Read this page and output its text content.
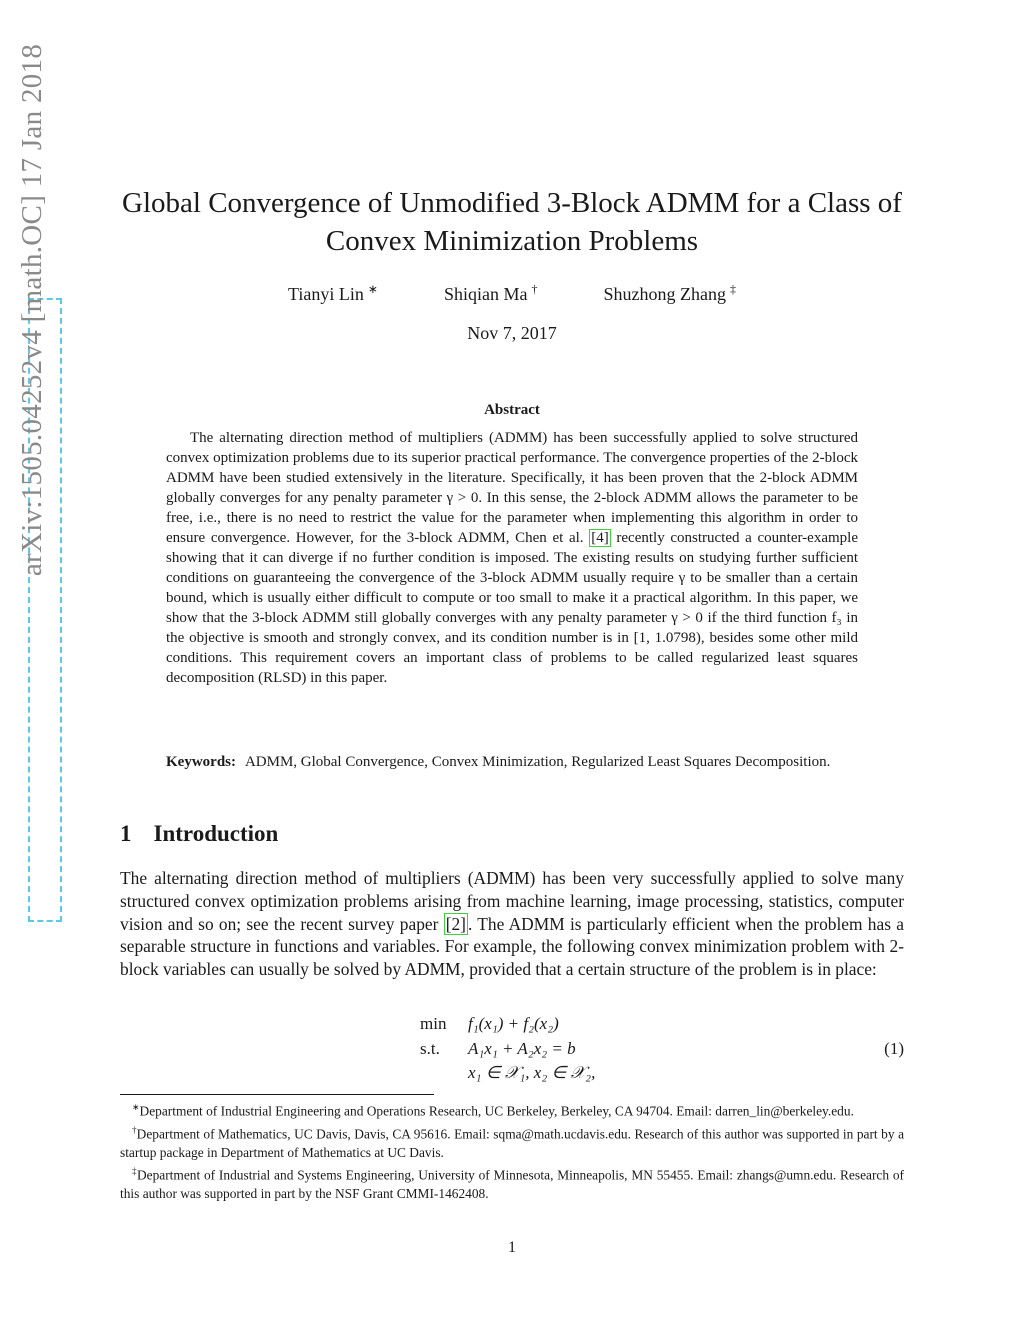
arXiv:1505.04252v4 [math.OC] 17 Jan 2018	Global Convergence of Unmodified 3-Block ADMM for a Class of
Convex Minimization Problems
Tianyi Lin ∗	Shiqian Ma †	Shuzhong Zhang ‡
Nov 7, 2017
Abstract
The alternating direction method of multipliers (ADMM) has been successfully applied to solve structured convex optimization problems due to its superior practical performance. The convergence properties of the 2-block ADMM have been studied extensively in the literature. Specifically, it has been proven that the 2-block ADMM globally converges for any penalty parameter γ > 0. In this sense, the 2-block ADMM allows the parameter to be free, i.e., there is no need to restrict the value for the parameter when implementing this algorithm in order to ensure convergence. However, for the 3-block ADMM, Chen et al. [4] recently constructed a counter-example showing that it can diverge if no further condition is imposed. The existing results on studying further sufficient conditions on guaranteeing the convergence of the 3-block ADMM usually require γ to be smaller than a certain bound, which is usually either difficult to compute or too small to make it a practical algorithm. In this paper, we show that the 3-block ADMM still globally converges with any penalty parameter γ > 0 if the third function f₃ in the objective is smooth and strongly convex, and its condition number is in [1, 1.0798), besides some other mild conditions. This requirement covers an important class of problems to be called regularized least squares decomposition (RLSD) in this paper.
Keywords: ADMM, Global Convergence, Convex Minimization, Regularized Least Squares Decomposition.
1 Introduction
The alternating direction method of multipliers (ADMM) has been very successfully applied to solve many structured convex optimization problems arising from machine learning, image processing, statistics, computer vision and so on; see the recent survey paper [2] . The ADMM is particularly efficient when the problem has a separable structure in functions and variables. For example, the following convex minimization problem with 2-block variables can usually be solved by ADMM, provided that a certain structure of the problem is in place:
min f₁(x₁) + f₂(x₂)
s.t. A₁x₁ + A₂x₂ = b
x₁ ∈ 𝒳₁, x₂ ∈ 𝒳₂,
(1)

∗Department of Industrial Engineering and Operations Research, UC Berkeley, Berkeley, CA 94704. Email: darren_lin@berkeley.edu.

†Department of Mathematics, UC Davis, Davis, CA 95616. Email: sqma@math.ucdavis.edu. Research of this author was supported in part by a startup package in Department of Mathematics at UC Davis.

‡Department of Industrial and Systems Engineering, University of Minnesota, Minneapolis, MN 55455. Email: zhangs@umn.edu. Research of this author was supported in part by the NSF Grant CMMI-1462408.

1
